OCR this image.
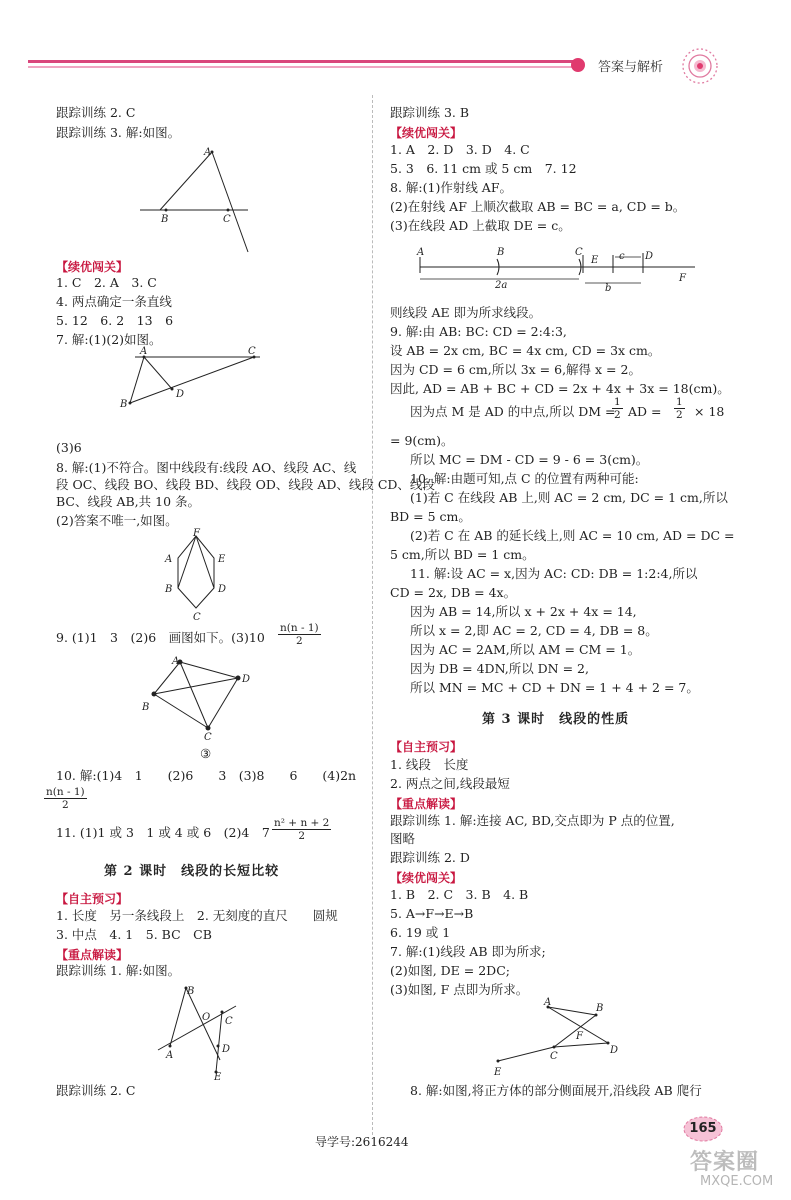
答案与解析
跟踪训练 2. C
跟踪训练 3. 解:如图。
A
B	C
【续优闯关】
1. C　2. A　3. C
4. 两点确定一条直线
5. 12　6. 2　13　6
7. 解:(1)(2)如图。
A	C
B
D
(3)6
8. 解:(1)不符合。图中线段有:线段 AO、线段 AC、线
段 OC、线段 BO、线段 BD、线段 OD、线段 AD、线段 CD、线段
BC、线段 AB,共 10 条。
(2)答案不唯一,如图。
F
A	E
B	D
C
9. (1)1　3　(2)6　画图如下。$(3)10 \frac{n(n - 1)}{2}$
A
B
D
C
③
10. 解:(1)4　1　　(2)6　　3　(3)8　　6　　(4)2n
$\frac{n(n - 1)}{2}$
11. (1)1 或 3　1 或 4 或 6　(2)4　$7 \frac{\text{n² + n + 2}}{2}$
第 2 课时　线段的长短比较
【自主预习】
1. 长度　另一条线段上　2. 无刻度的直尺　　圆规
3. 中点　4. 1　5. BC　CB
【重点解读】
跟踪训练 1. 解:如图。
B
O C
A
D
E
跟踪训练 2. C
跟踪训练 3. B
【续优闯关】
1. A　2. D　3. D　4. C
5. 3　6. 11 cm 或 5 cm　7. 12
8. 解:(1)作射线 AF。
(2)在射线 AF 上顺次截取 AB = BC = a, CD = b。
(3)在线段 AD 上截取 DE = c。
A	B	C
E	D
F
2a	b
c
则线段 AE 即为所求线段。
9. 解:由 AB: BC: CD = 2:4:3,
设 AB = 2x cm, BC = 4x cm, CD = 3x cm。
因为 CD = 6 cm,所以 3x = 6,解得 x = 2。
因此, AD = AB + BC + CD = 2x + 4x + 3x = 18(cm)。
因为点 M 是 AD 的中点,所以 DM =
$\frac{1}{2}$ AD = $\frac{1}{2} \times 18$
= 9(cm)。
所以 MC = DM - CD = 9 - 6 = 3(cm)。
10. 解:由题可知,点 C 的位置有两种可能:
(1)若 C 在线段 AB 上,则 AC = 2 cm, DC = 1 cm,所以
BD = 5 cm。
(2)若 C 在 AB 的延长线上,则 AC = 10 cm, AD = DC =
5 cm,所以 BD = 1 cm。
11. 解:设 AC = x,因为 AC: CD: DB = 1:2:4,所以
CD = 2x, DB = 4x。
因为 AB = 14,所以 x + 2x + 4x = 14,
所以 x = 2,即 AC = 2, CD = 4, DB = 8。
因为 AC = 2AM,所以 AM = CM = 1。
因为 DB = 4DN,所以 DN = 2,
所以 MN = MC + CD + DN = 1 + 4 + 2 = 7。
第 3 课时　线段的性质
【自主预习】
1. 线段　长度
2. 两点之间,线段最短
【重点解读】
跟踪训练 1. 解:连接 AC, BD,交点即为 P 点的位置,
图略
跟踪训练 2. D
【续优闯关】
1. B　2. C　3. B　4. B
5. A→F→E→B
6. 19 或 1
7. 解:(1)线段 AB 即为所求;
(2)如图, DE = 2DC;
(3)如图, F 点即为所求。
A
B
F
D
C
E
8. 解:如图,将正方体的部分侧面展开,沿线段 AB 爬行
导学号:2616244
165
答案圈
MXQE.COM
